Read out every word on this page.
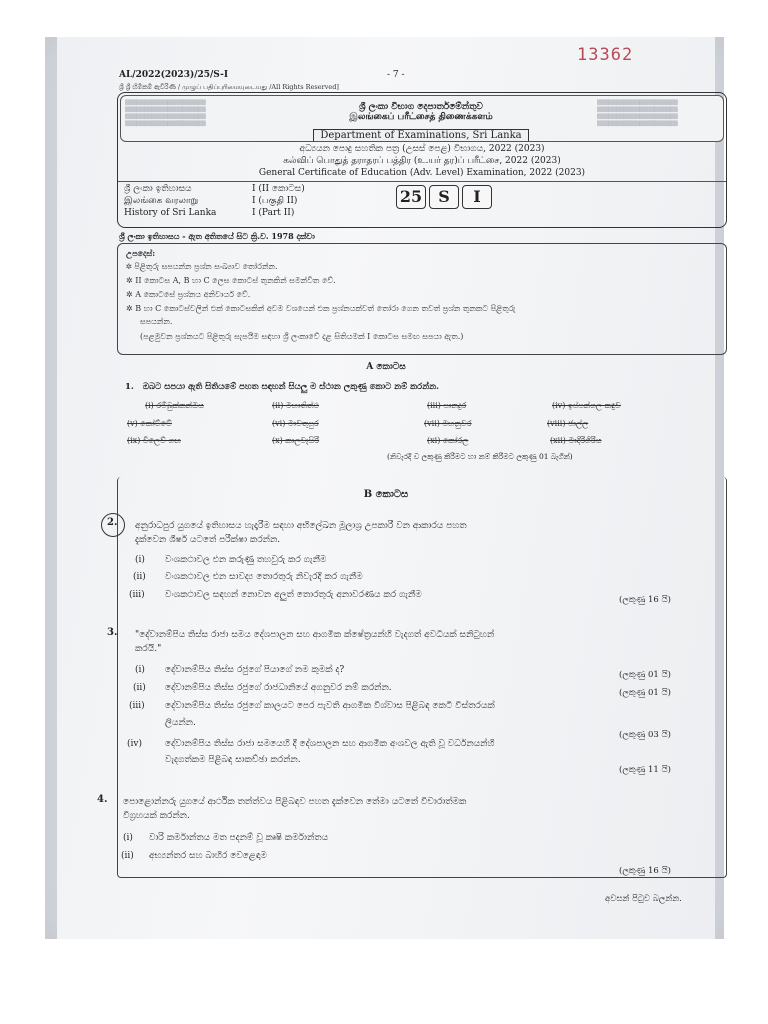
13362
AL/2022(2023)/25/S-I	- 7 -
ශ්‍රී ශ්‍රී හිමිකම් ඇවිරිණි / முழுப் பதிப்புரிமையுடையது /All Rights Reserved]
▒▒▒▒▒▒▒▒▒▒▒▒▒▒▒▒▒▒▒▒▒ ▒▒▒▒▒▒▒▒▒▒▒▒▒▒▒▒▒▒▒▒▒ ▒▒▒▒▒▒▒▒▒▒▒▒▒▒▒▒▒▒▒▒▒ ▒▒▒▒▒▒▒▒▒▒▒▒▒▒▒▒▒▒▒▒▒
▒▒▒▒▒▒▒▒▒▒▒▒▒▒▒▒▒▒▒▒▒ ▒▒▒▒▒▒▒▒▒▒▒▒▒▒▒▒▒▒▒▒▒ ▒▒▒▒▒▒▒▒▒▒▒▒▒▒▒▒▒▒▒▒▒ ▒▒▒▒▒▒▒▒▒▒▒▒▒▒▒▒▒▒▒▒▒
ශ්‍රී ලංකා විභාග දෙපාර්තමේන්තුව
இலங்கைப் பரீட்சைத் திணைக்களம்
Department of Examinations, Sri Lanka
අධ්‍යයන පොදු සහතික පත්‍ර (උසස් පෙළ) විභාගය, 2022 (2023)
கல்விப் பொதுத் தராதரப் பத்திர (உ.யர் தர)ப் பரீட்சை, 2022 (2023)
General Certificate of Education (Adv. Level) Examination, 2022 (2023)
ශ්‍රී ලංකා ඉතිහාසය	I (II කොටස)
இலங்கை வரலாறு	I (பகுதி II)
History of Sri Lanka	I (Part II)
25	S	I
ශ්‍රී ලංකා ඉතිහාසය - ඇත අතිතයේ සිට ක්‍රි.ව. 1978 දක්වා
උපදෙස්:
✲ පිළිතුරු සපයන්න ප්‍රශ්න සංඛ්‍යාව තෝරන්න.
✲ II කොටස A, B හා C ලෙස කොටස් තුනකින් සමන්විත වේ.
✲ A කොටසේ ප්‍රශ්නය අනිවාර්ය වේ.
✲ B හා C කොටස්වලින් එක් කොටසකින් අවම වශයෙන් එක ප්‍රශ්නයක්වත් තෝරා ගෙන තවත් ප්‍රශ්න තුනකට පිළිතුරු
සපයන්න.
(පළමුවන ප්‍රශ්නයට පිළිතුරු සැපයීම සඳහා ශ්‍රී ලංකාවේ දළ සිතියමක් I කොටස සමඟ සපයා ඇත.)
A කොටස
1. ඔබට සපයා ඇති සිතියමේ පහත සඳහන් සියලු ම ස්ථාන ලකුණු කොට නම් කරන්න.
(i) රම්බුක්කන්ඔය	(ii) මහාතිත්ථ	(iii) පානදුර	(iv) ඉප්පන්ගල කඳුව
(v) කෝට්ටේ	(vi) මාවතුපුර	(vii) මහනුවර	(viii) ජාල්ල
(ix) විලෙව් ගඟ	(x) කාලවැසිරි	(xi) කෝරල	(xii) මාදිරිගිරිය
(නිවැරදි ව ලකුණු කිරීමට හා නම් කිරීමට ලකුණු 01 බැගින්)
B කොටස
2. අනුරාධපුර යුගයේ ඉතිහාසය හැදෑරීම සඳහා අභිලේඛන මූලාශ්‍ර උපකාරී වන ආකාරය පහත
දැක්වෙන ශීර්ෂ යටතේ පරීක්ෂා කරන්න.
(i) වංශකථාවල එන කරුණු තහවුරු කර ගැනීම
(ii) වංශකථාවල එන සාවද්‍ය තොරතුරු නිවැරදි කර ගැනීම
(iii) වංශකථාවල සඳහන් නොවන අලුත් තොරතුරු අනාවරණය කර ගැනීම	(ලකුණු 16 යි)
3. "දේවානම්පිය තිස්ස රාජා සමය දේශපාලන සහ ආගමික ක්ෂේත්‍රයන්හි වැදගත් අවධියක් සනිටුහන්
කරයි."
(i) දේවානම්පිය තිස්ස රජුගේ පියාගේ නම කුමක් ද?	(ලකුණු 01 යි)
(ii) දේවානම්පිය තිස්ස රජුගේ රාජධානියේ අගනුවර නම් කරන්න.	(ලකුණු 01 යි)
(iii) දේවානම්පිය තිස්ස රජුගේ කාලයට පෙර පැවති ආගමික විශ්වාස පිළිබඳ කෙටි විස්තරයක්
ලියන්න.
(ලකුණු 03 යි)
(iv)	දේවානම්පිය තිස්ස රාජා සමයෙහි දී දේශපාලන සහ ආගමික අංශවල ඇති වූ වර්ධනයන්හි
වැදගත්කම පිළිබඳ සාකච්ඡා කරන්න.
(ලකුණු 11 යි)
4. පොළොන්නරු යුගයේ ආර්ථික තත්ත්වය පිළිබඳව පහත දැක්වෙන තේමා යටතේ විචාරාත්මක
විග්‍රහයක් කරන්න.
(i) වාරි කර්මාන්තය මත පදනම් වූ කෘෂි කර්මාන්තය
(ii) අභ්‍යන්තර සහ බාහිර වෙළෙඳාම
(ලකුණු 16 යි)
අවසන් පිටුව බලන්න.
